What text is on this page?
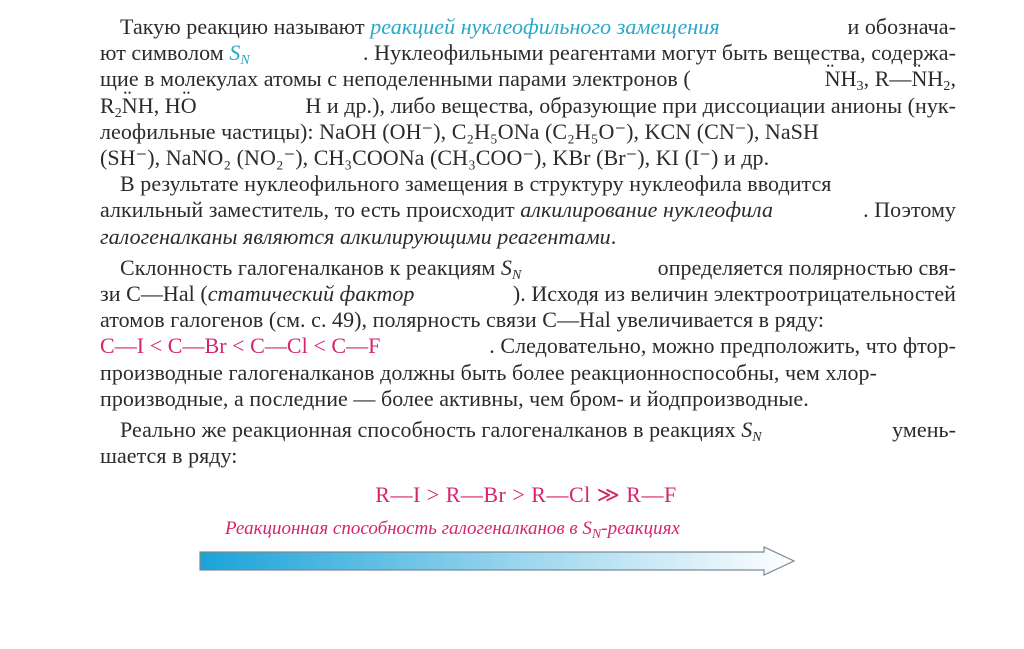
Такую реакцию называют реакцией нуклеофильного замещения	и обознача-
ют символом $S_N$	. Нуклеофильными реагентами могут быть вещества, содержа-
щие в молекулах атомы с неподеленными парами электронов (
••	$NH_3$, R—•• $NH_2$,
$R_2••$ NH, H•• O	H и др.), либо вещества, образующие при диссоциации анионы (нук-
леофильные частицы): NaOH (OH⁻), C₂H₅ONa (C₂H₅O⁻), KCN (CN⁻), NaSH
(SH⁻), NaNO₂ (NO₂⁻), CH₃COONa (CH₃COO⁻), KBr (Br⁻), KI (I⁻) и др.
В результате нуклеофильного замещения в структуру нуклеофила вводится
алкильный заместитель, то есть происходит алкилирование нуклеофила	. Поэтому
галогеналканы являются алкилирующими реагентами.
Склонность галогеналканов к реакциям $S_N$	определяется полярностью свя-
зи C—Hal (статический фактор	). Исходя из величин электроотрицательностей
атомов галогенов (см. с. 49), полярность связи C—Hal увеличивается в ряду:
C—I < C—Br < C—Cl < C—F	. Следовательно, можно предположить, что фтор-
производные галогеналканов должны быть более реакционноспособны, чем хлор-
производные, а последние — более активны, чем бром- и йодпроизводные.
Реально же реакционная способность галогеналканов в реакциях $S_N$	умень-
шается в ряду:
R—I > R—Br > R—Cl ≫ R—F
Реакционная способность галогеналканов в $S_N$-реакциях
